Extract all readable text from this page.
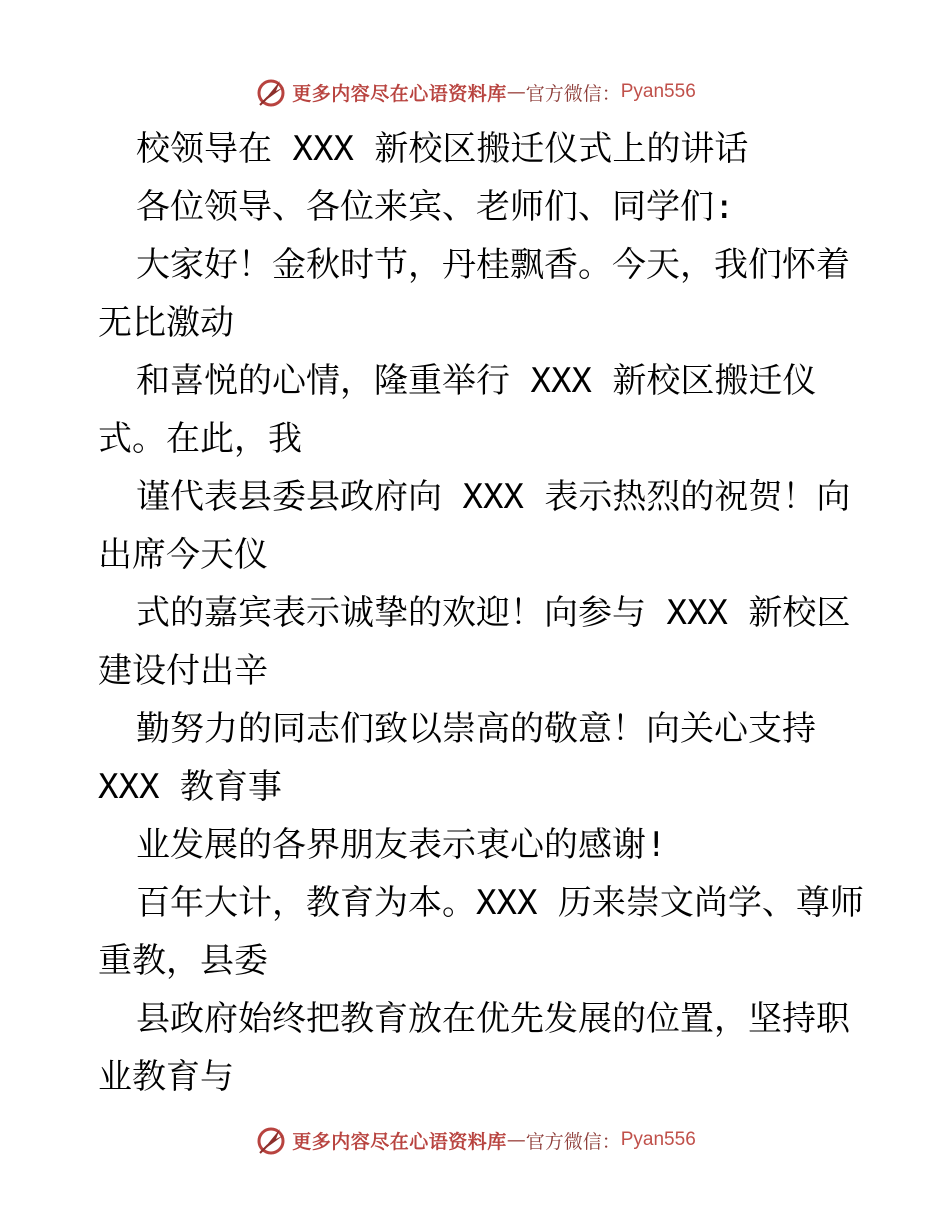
更多内容尽在心语资料库 — 官方微信： Pyan556
校领导在 XXX 新校区搬迁仪式上的讲话
各位领导、各位来宾、老师们、同学们:
大家好！金秋时节，丹桂飘香。今天，我们怀着
无比激动
和喜悦的心情，隆重举行 XXX 新校区搬迁仪
式。在此，我
谨代表县委县政府向 XXX 表示热烈的祝贺！向
出席今天仪
式的嘉宾表示诚挚的欢迎！向参与 XXX 新校区
建设付出辛
勤努力的同志们致以崇高的敬意！向关心支持
XXX 教育事
业发展的各界朋友表示衷心的感谢!
百年大计，教育为本。XXX 历来崇文尚学、尊师
重教，县委
县政府始终把教育放在优先发展的位置，坚持职
业教育与
更多内容尽在心语资料库 — 官方微信： Pyan556
